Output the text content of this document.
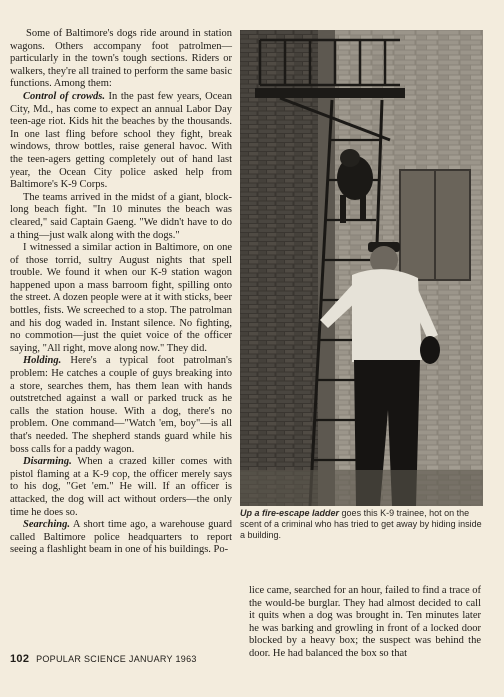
Some of Baltimore's dogs ride around in station wagons. Others accompany foot patrolmen—particularly in the town's tough sections. Riders or walkers, they're all trained to perform the same basic functions. Among them:

Control of crowds. In the past few years, Ocean City, Md., has come to expect an annual Labor Day teen-age riot. Kids hit the beaches by the thousands. In one last fling before school they fight, break windows, throw bottles, raise general havoc. With the teen-agers getting completely out of hand last year, the Ocean City police asked help from Baltimore's K-9 Corps.

The teams arrived in the midst of a giant, block-long beach fight. "In 10 minutes the beach was cleared," said Captain Gaeng. "We didn't have to do a thing—just walk along with the dogs."

I witnessed a similar action in Baltimore, on one of those torrid, sultry August nights that spell trouble. We found it when our K-9 station wagon happened upon a mass barroom fight, spilling onto the street. A dozen people were at it with sticks, beer bottles, fists. We screeched to a stop. The patrolman and his dog waded in. Instant silence. No fighting, no commotion—just the quiet voice of the officer saying, "All right, move along now." They did.

Holding. Here's a typical foot patrolman's problem: He catches a couple of guys breaking into a store, searches them, has them lean with hands outstretched against a wall or parked truck as he calls the station house. With a dog, there's no problem. One command—"Watch 'em, boy"—is all that's needed. The shepherd stands guard while his boss calls for a paddy wagon.

Disarming. When a crazed killer comes with pistol flaming at a K-9 cop, the officer merely says to his dog, "Get 'em." He will. If an officer is attacked, the dog will act without orders—the only time he does so.

Searching. A short time ago, a warehouse guard called Baltimore police headquarters to report seeing a flashlight beam in one of his buildings. Po-

Up a fire-escape ladder goes this K-9 trainee, hot on the scent of a criminal who has tried to get away by hiding inside a building.

lice came, searched for an hour, failed to find a trace of the would-be burglar. They had almost decided to call it quits when a dog was brought in. Ten minutes later he was barking and growling in front of a locked door blocked by a heavy box; the suspect was behind the door. He had balanced the box so that

102 POPULAR SCIENCE JANUARY 1963
